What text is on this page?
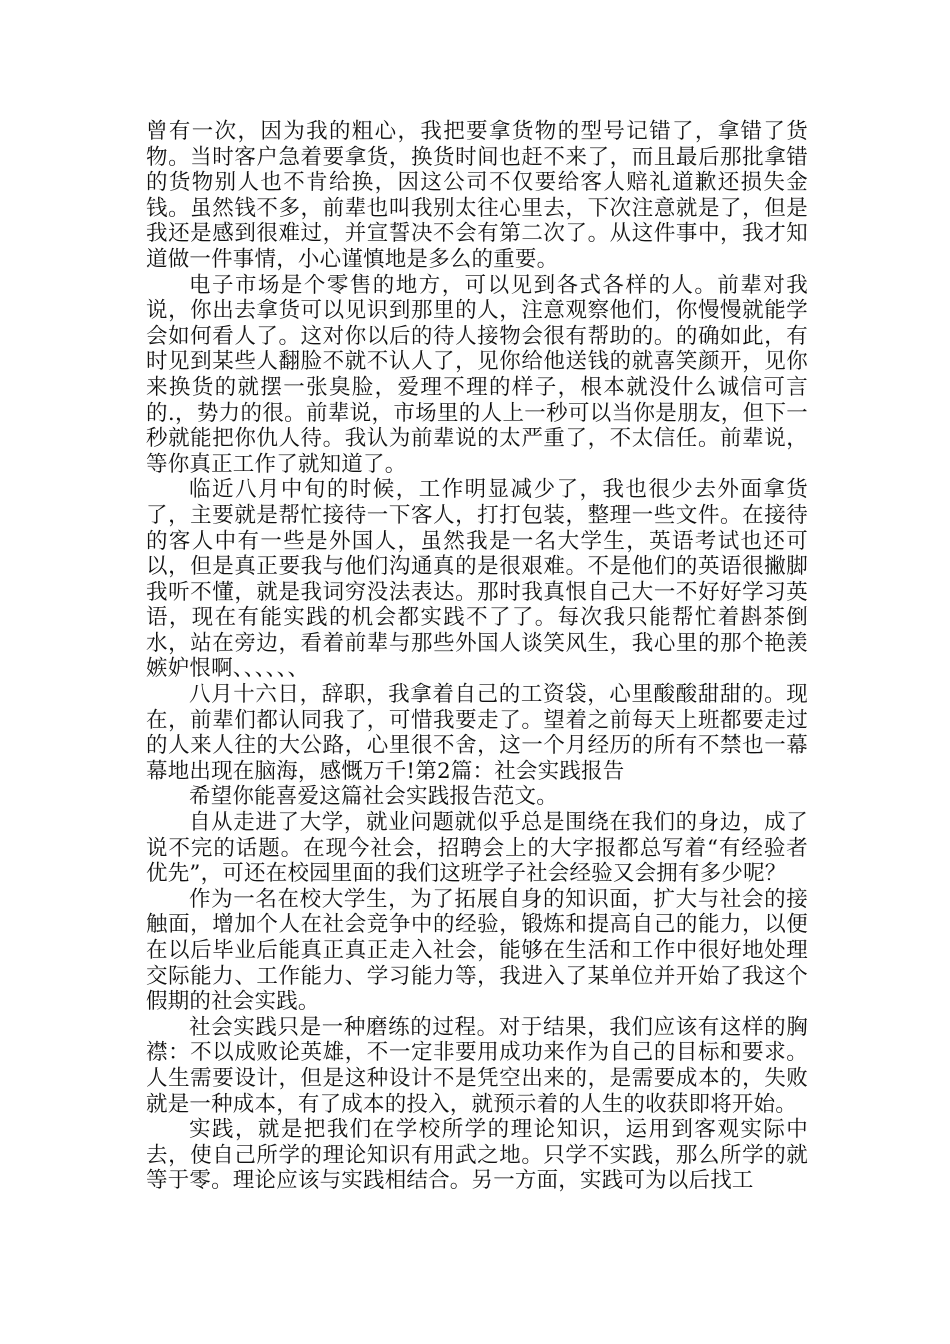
曾有一次，因为我的粗心，我把要拿货物的型号记错了，拿错了货物。当时客户急着要拿货，换货时间也赶不来了，而且最后那批拿错的货物别人也不肯给换，因这公司不仅要给客人赔礼道歉还损失金钱。虽然钱不多，前辈也叫我别太往心里去，下次注意就是了，但是我还是感到很难过，并宣誓决不会有第二次了。从这件事中，我才知道做一件事情，小心谨慎地是多么的重要。

电子市场是个零售的地方，可以见到各式各样的人。前辈对我说，你出去拿货可以见识到那里的人，注意观察他们，你慢慢就能学会如何看人了。这对你以后的待人接物会很有帮助的。的确如此，有时见到某些人翻脸不就不认人了，见你给他送钱的就喜笑颜开，见你来换货的就摆一张臭脸，爱理不理的样子，根本就没什么诚信可言的.，势力的很。前辈说，市场里的人上一秒可以当你是朋友，但下一秒就能把你仇人待。我认为前辈说的太严重了，不太信任。前辈说，等你真正工作了就知道了。

临近八月中旬的时候，工作明显减少了，我也很少去外面拿货了，主要就是帮忙接待一下客人，打打包装，整理一些文件。在接待的客人中有一些是外国人，虽然我是一名大学生，英语考试也还可以，但是真正要我与他们沟通真的是很艰难。不是他们的英语很撇脚我听不懂，就是我词穷没法表达。那时我真恨自己大一不好好学习英语，现在有能实践的机会都实践不了了。每次我只能帮忙着斟茶倒水，站在旁边，看着前辈与那些外国人谈笑风生，我心里的那个艳羡嫉妒恨啊、、、、、、

八月十六日，辞职，我拿着自己的工资袋，心里酸酸甜甜的。现在，前辈们都认同我了，可惜我要走了。望着之前每天上班都要走过的人来人往的大公路，心里很不舍，这一个月经历的所有不禁也一幕幕地出现在脑海，感慨万千!第2篇：社会实践报告

希望你能喜爱这篇社会实践报告范文。

自从走进了大学，就业问题就似乎总是围绕在我们的身边，成了说不完的话题。在现今社会，招聘会上的大字报都总写着“有经验者优先”，可还在校园里面的我们这班学子社会经验又会拥有多少呢？

作为一名在校大学生，为了拓展自身的知识面，扩大与社会的接触面，增加个人在社会竞争中的经验，锻炼和提高自己的能力，以便在以后毕业后能真正真正走入社会，能够在生活和工作中很好地处理交际能力、工作能力、学习能力等，我进入了某单位并开始了我这个假期的社会实践。

社会实践只是一种磨练的过程。对于结果，我们应该有这样的胸襟：不以成败论英雄，不一定非要用成功来作为自己的目标和要求。人生需要设计，但是这种设计不是凭空出来的，是需要成本的，失败就是一种成本，有了成本的投入，就预示着的人生的收获即将开始。

实践，就是把我们在学校所学的理论知识，运用到客观实际中去，使自己所学的理论知识有用武之地。只学不实践，那么所学的就等于零。理论应该与实践相结合。另一方面，实践可为以后找工
